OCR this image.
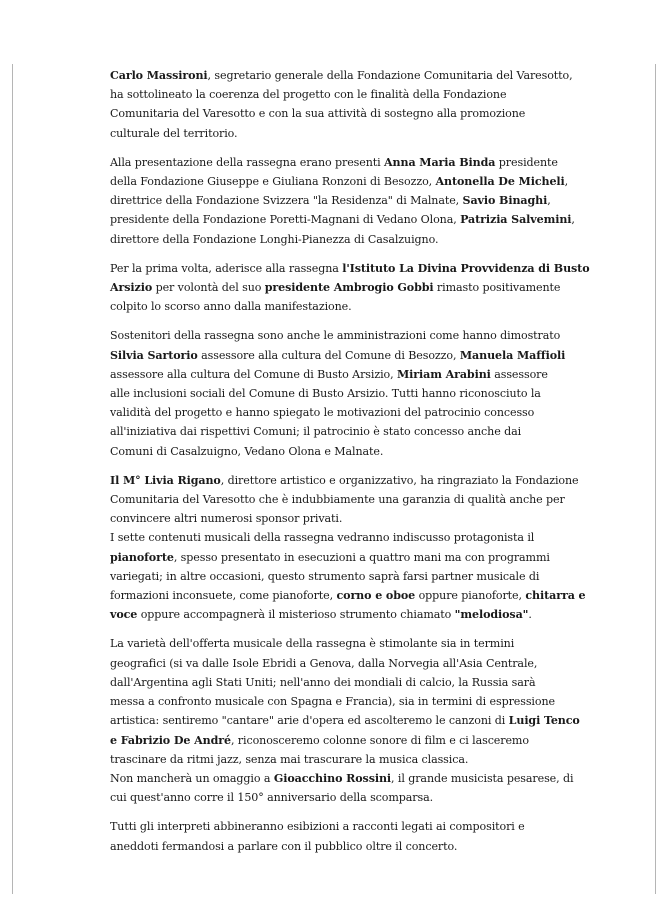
Carlo Massironi, segretario generale della Fondazione Comunitaria del Varesotto,
ha sottolineato la coerenza del progetto con le finalità della Fondazione
Comunitaria del Varesotto e con la sua attività di sostegno alla promozione
culturale del territorio.

Alla presentazione della rassegna erano presenti Anna Maria Binda presidente
della Fondazione Giuseppe e Giuliana Ronzoni di Besozzo, Antonella De Micheli,
direttrice della Fondazione Svizzera "la Residenza" di Malnate, Savio Binaghi,
presidente della Fondazione Poretti-Magnani di Vedano Olona, Patrizia Salvemini,
direttore della Fondazione Longhi-Pianezza di Casalzuigno.

Per la prima volta, aderisce alla rassegna l'Istituto La Divina Provvidenza di Busto
Arsizio per volontà del suo presidente Ambrogio Gobbi rimasto positivamente
colpito lo scorso anno dalla manifestazione.

Sostenitori della rassegna sono anche le amministrazioni come hanno dimostrato
Silvia Sartorio assessore alla cultura del Comune di Besozzo, Manuela Maffioli
assessore alla cultura del Comune di Busto Arsizio, Miriam Arabini assessore
alle inclusioni sociali del Comune di Busto Arsizio. Tutti hanno riconosciuto la
validità del progetto e hanno spiegato le motivazioni del patrocinio concesso
all'iniziativa dai rispettivi Comuni; il patrocinio è stato concesso anche dai
Comuni di Casalzuigno, Vedano Olona e Malnate.

Il M° Livia Rigano, direttore artistico e organizzativo, ha ringraziato la Fondazione
Comunitaria del Varesotto che è indubbiamente una garanzia di qualità anche per
convincere altri numerosi sponsor privati.

I sette contenuti musicali della rassegna vedranno indiscusso protagonista il
pianoforte, spesso presentato in esecuzioni a quattro mani ma con programmi
variegati; in altre occasioni, questo strumento saprà farsi partner musicale di
formazioni inconsuete, come pianoforte, corno e oboe oppure pianoforte, chitarra e
voce oppure accompagnerà il misterioso strumento chiamato "melodiosa".

La varietà dell'offerta musicale della rassegna è stimolante sia in termini
geografici (si va dalle Isole Ebridi a Genova, dalla Norvegia all'Asia Centrale,
dall'Argentina agli Stati Uniti; nell'anno dei mondiali di calcio, la Russia sarà
messa a confronto musicale con Spagna e Francia), sia in termini di espressione
artistica: sentiremo "cantare" arie d'opera ed ascolteremo le canzoni di Luigi Tenco
e Fabrizio De André, riconosceremo colonne sonore di film e ci lasceremo
trascinare da ritmi jazz, senza mai trascurare la musica classica.

Non mancherà un omaggio a Gioacchino Rossini, il grande musicista pesarese, di
cui quest'anno corre il 150° anniversario della scomparsa.

Tutti gli interpreti abbineranno esibizioni a racconti legati ai compositori e
aneddoti fermandosi a parlare con il pubblico oltre il concerto.
